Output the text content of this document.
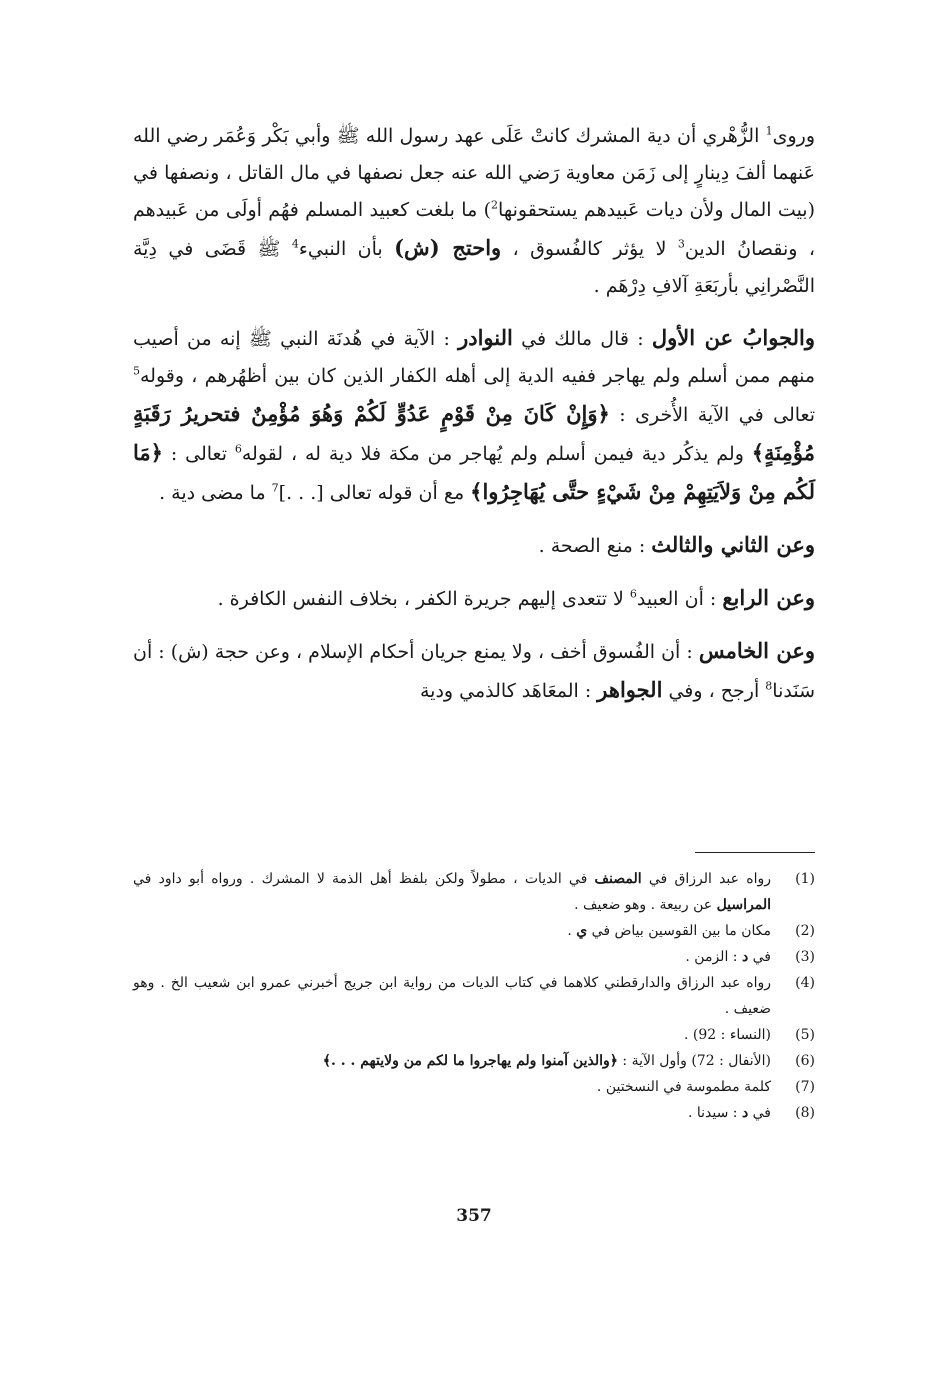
وروى$^1$ الزُّهْري أن دية المشرك كانتْ عَلَى عهد رسول الله ﷺ وأبي بَكْر وَعُمَر رضي الله عَنهما ألفَ دِينارٍ إلى زَمَن معاوية رَضي الله عنه جعل نصفها في مال القاتل ، ونصفها في (بيت المال ولأن ديات عَبيدهم يستحقونها$^2$) ما بلغت كعبيد المسلم فهُم أولَى من عَبيدهم ، ونقصانُ الدين$^3$ لا يؤثر كالفُسوق ، واحتج (ش) بأن النبيء$^4$ ﷺ قَضَى في دِيَّة النَّصْرانِي بأربَعَةِ آلافِ دِرْهَم .

والجوابُ عن الأول : قال مالك في النوادر : الآية في هُدنَة النبي ﷺ إنه من أصيب منهم ممن أسلم ولم يهاجر ففيه الدية إلى أهله الكفار الذين كان بين أظهُرهم ، وقوله$^5$ تعالى في الآية الأُخرى : ﴿وَإِنْ كَانَ مِنْ قَوْمٍ عَدُوٍّ لَكُمْ وَهُوَ مُؤْمِنٌ فتحريرُ رَقَبَةٍ مُؤْمِنَةٍ﴾ ولم يذكُر دية فيمن أسلم ولم يُهاجر من مكة فلا دية له ، لقوله$^6$ تعالى : ﴿مَا لَكُم مِنْ وَلاَيَتِهِمْ مِنْ شَيْءٍ حتَّى يُهَاجِرُوا﴾ مع أن قوله تعالى [. . .]$^7$ ما مضى دية .

وعن الثاني والثالث : منع الصحة .

وعن الرابع : أن العبيد$^6$ لا تتعدى إليهم جريرة الكفر ، بخلاف النفس الكافرة .

وعن الخامس : أن الفُسوق أخف ، ولا يمنع جريان أحكام الإسلام ، وعن حجة (ش) : أن سَنَدنا$^8$ أرجح ، وفي الجواهر : المعَاهَد كالذمي ودية

(1)
رواه عبد الرزاق في المصنف في الديات ، مطولاً ولكن بلفظ أهل الذمة لا المشرك . ورواه أبو داود في المراسيل عن ربيعة . وهو ضعيف .
(2)
مكان ما بين القوسين بياض في ي .
(3)
في د : الزمن .
(4)
رواه عبد الرزاق والدارقطني كلاهما في كتاب الديات من رواية ابن جريج أخبرني عمرو ابن شعيب الخ . وهو ضعيف .
(5)
(النساء : 92) .
(6)
(الأنفال : 72) وأول الآية : ﴿والذين آمنوا ولم يهاجروا ما لكم من ولايتهم . . .﴾
(7)
كلمة مطموسة في النسختين .
(8)
في د : سيدنا .
357
